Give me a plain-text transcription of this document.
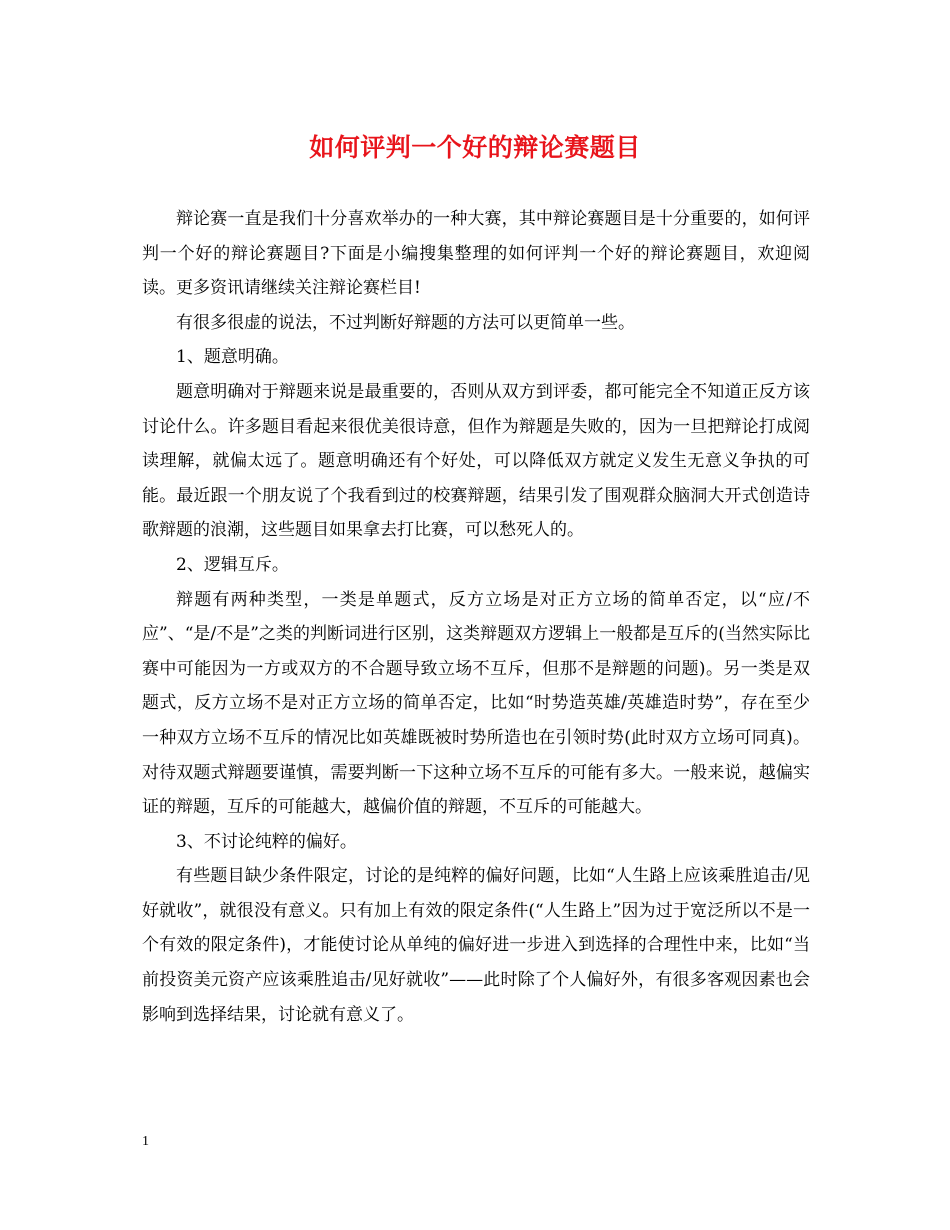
如何评判一个好的辩论赛题目

辩论赛一直是我们十分喜欢举办的一种大赛，其中辩论赛题目是十分重要的，如何评判一个好的辩论赛题目?下面是小编搜集整理的如何评判一个好的辩论赛题目，欢迎阅读。更多资讯请继续关注辩论赛栏目!

有很多很虚的说法，不过判断好辩题的方法可以更简单一些。

1、题意明确。

题意明确对于辩题来说是最重要的，否则从双方到评委，都可能完全不知道正反方该讨论什么。许多题目看起来很优美很诗意，但作为辩题是失败的，因为一旦把辩论打成阅读理解，就偏太远了。题意明确还有个好处，可以降低双方就定义发生无意义争执的可能。最近跟一个朋友说了个我看到过的校赛辩题，结果引发了围观群众脑洞大开式创造诗歌辩题的浪潮，这些题目如果拿去打比赛，可以愁死人的。

2、逻辑互斥。

辩题有两种类型，一类是单题式，反方立场是对正方立场的简单否定，以“应/不应”、“是/不是”之类的判断词进行区别，这类辩题双方逻辑上一般都是互斥的(当然实际比赛中可能因为一方或双方的不合题导致立场不互斥，但那不是辩题的问题)。另一类是双题式，反方立场不是对正方立场的简单否定，比如“时势造英雄/英雄造时势”，存在至少一种双方立场不互斥的情况比如英雄既被时势所造也在引领时势(此时双方立场可同真)。对待双题式辩题要谨慎，需要判断一下这种立场不互斥的可能有多大。一般来说，越偏实证的辩题，互斥的可能越大，越偏价值的辩题，不互斥的可能越大。

3、不讨论纯粹的偏好。

有些题目缺少条件限定，讨论的是纯粹的偏好问题，比如“人生路上应该乘胜追击/见好就收”，就很没有意义。只有加上有效的限定条件(“人生路上”因为过于宽泛所以不是一个有效的限定条件)，才能使讨论从单纯的偏好进一步进入到选择的合理性中来，比如“当前投资美元资产应该乘胜追击/见好就收”——此时除了个人偏好外，有很多客观因素也会影响到选择结果，讨论就有意义了。

1
